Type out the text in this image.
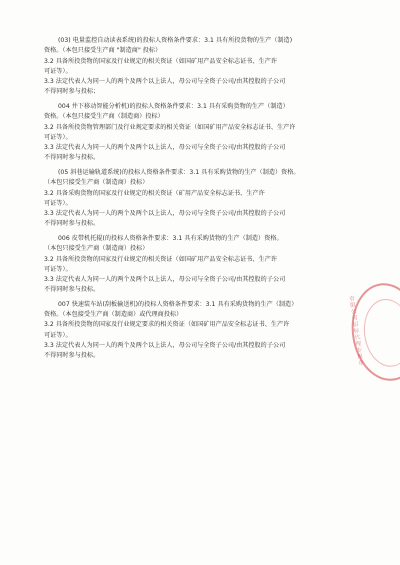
(03) 电量监控自动读表系统)的投标人资格条件要求：3.1 具有所投货物的生产（制造)
资格。（本包只接受生产商 "制造商" 投标）
3.2 具备所投货物的国家及行业规定的相关资证（如国矿用产品安全标志证书、生产许
可证等）。
3.3 法定代表人为同一人的两个及两个以上法人，母公司与全资子公司/由其控股的子公司
不得同时参与投标；
004 井下移动智能分析机)的投标人资格条件要求：3.1 具有采购货物的生产（制造）
资格。（本包只接受生产商（制造商）投标）
3.2 具备所投货物管理部门及行业规定要求的相关资证（如国矿用产品安全标志证书、生产许
可证等）。
3.3 法定代表人为同一人的两个及两个以上法人，母公司与全资子公司/由其控股的子公司
不得同时参与投标。
(05 斜巷运输轨道系统)的投标人资格条件要求：3.1 具有采购货物的生产（制造）资格。
（本包只接受生产商（制造商）投标）
3.2 具备采购货物的国家及行业规定的相关资证（矿用产品安全标志证书、生产许
可证等）。
3.3 法定代表人为同一人的两个及两个以上法人，母公司与全资子公司/由其控股的子公司
不得同时参与投标。
006 皮带机托辊(的投标人资格条件要求：3.1 具有采购货物的生产（制造）资格。
（本包只接受生产商（制造商）投标）
3.2 具备所投货物的国家及行业规定的相关资证（如国矿用产品安全标志证书、生产许
可证等）。
3.3 法定代表人为同一人的两个及两个以上法人，母公司与全资子公司/由其控股的子公司
不得同时参与投标。
007 快速装车站(刮板输送机)的投标人资格条件要求：3.1 具有采购货物的生产（制造）
资格。（本包接受生产商（制造商）或代理商投标）
3.2 具备所投货物的国家及行业规定要求的相关资证（如国矿用产品安全标志证书、生产许
可证等）。
3.3 法定代表人为同一人的两个及两个以上法人，母公司与全资子公司/由其控股的子公司
不得同时参与投标。	有限公司招标代理专用章
